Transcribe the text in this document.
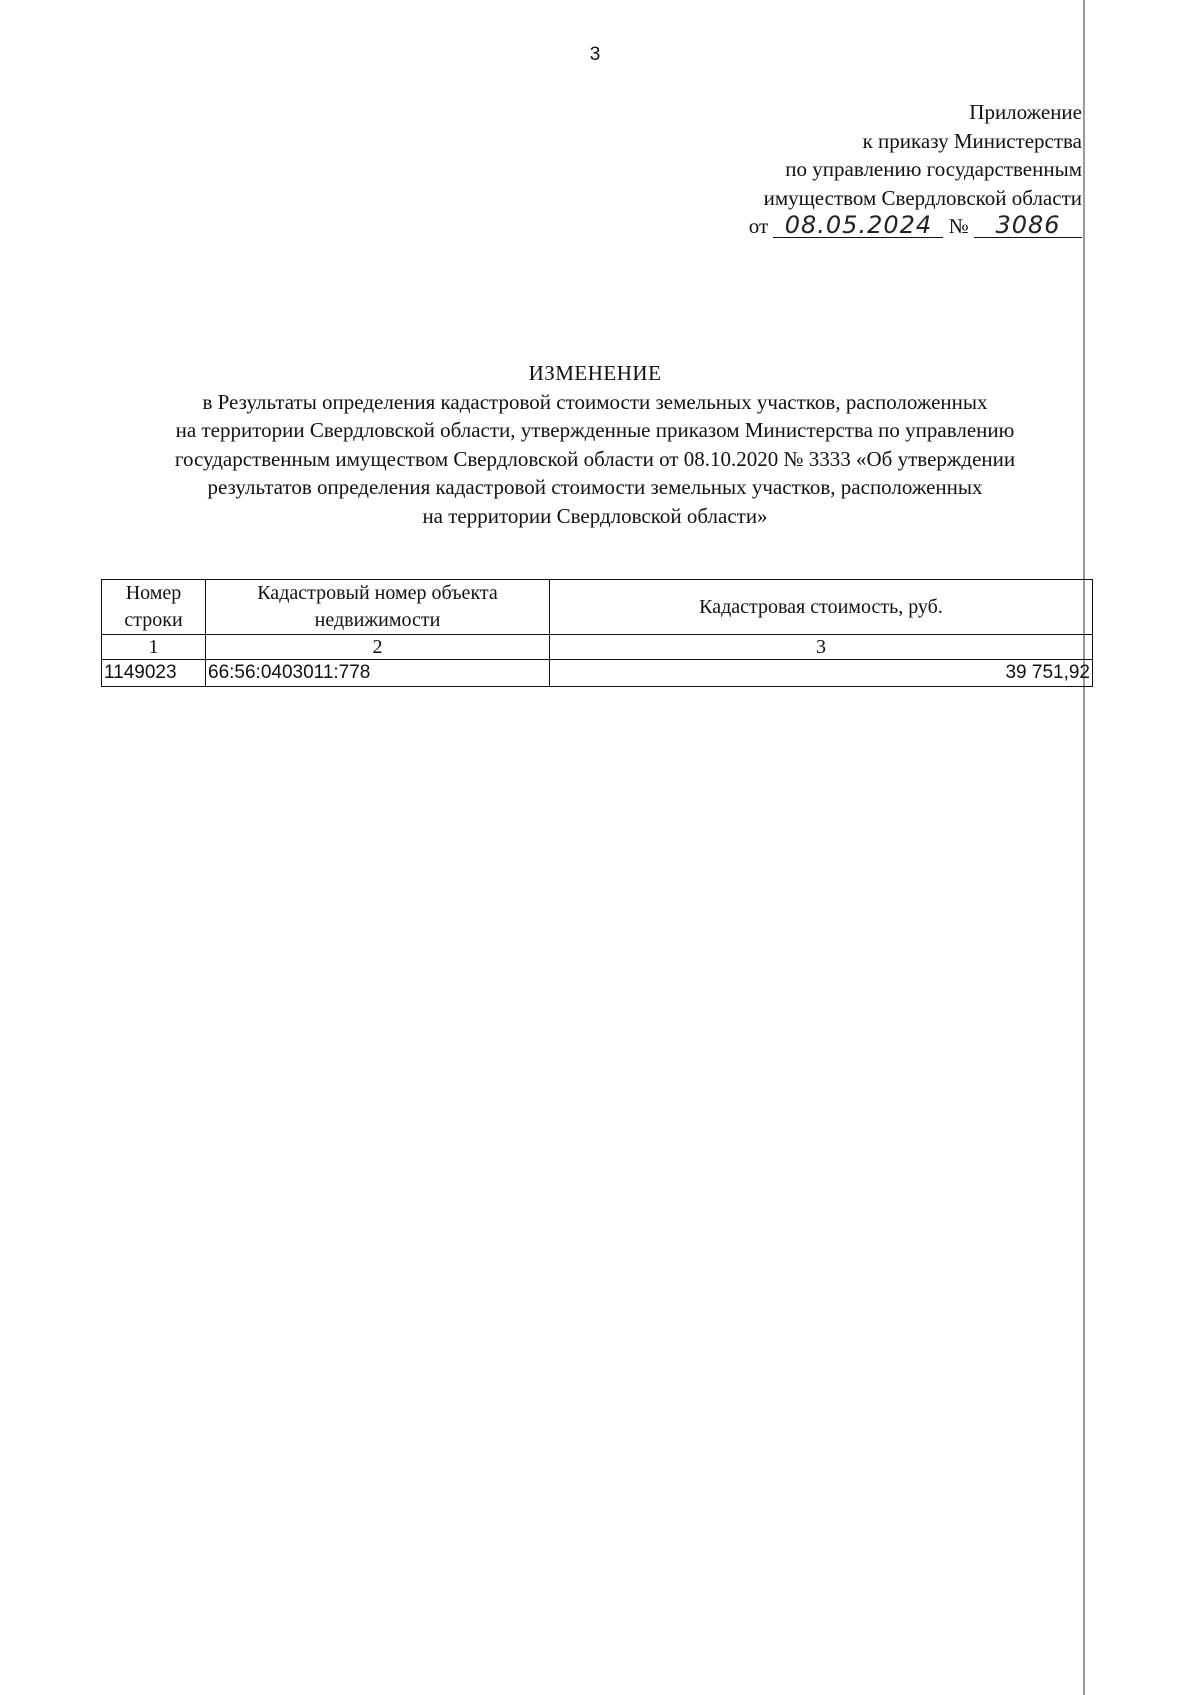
3
Приложение
к приказу Министерства
по управлению государственным
имуществом Свердловской области
от 08.05.2024 № 3086
ИЗМЕНЕНИЕ
в Результаты определения кадастровой стоимости земельных участков, расположенных
на территории Свердловской области, утвержденные приказом Министерства по управлению
государственным имуществом Свердловской области от 08.10.2020 № 3333 «Об утверждении
результатов определения кадастровой стоимости земельных участков, расположенных
на территории Свердловской области»
Номер строки	Кадастровый номер объекта недвижимости	Кадастровая стоимость, руб.
1	2	3
1149023	66:56:0403011:778	39 751,92
